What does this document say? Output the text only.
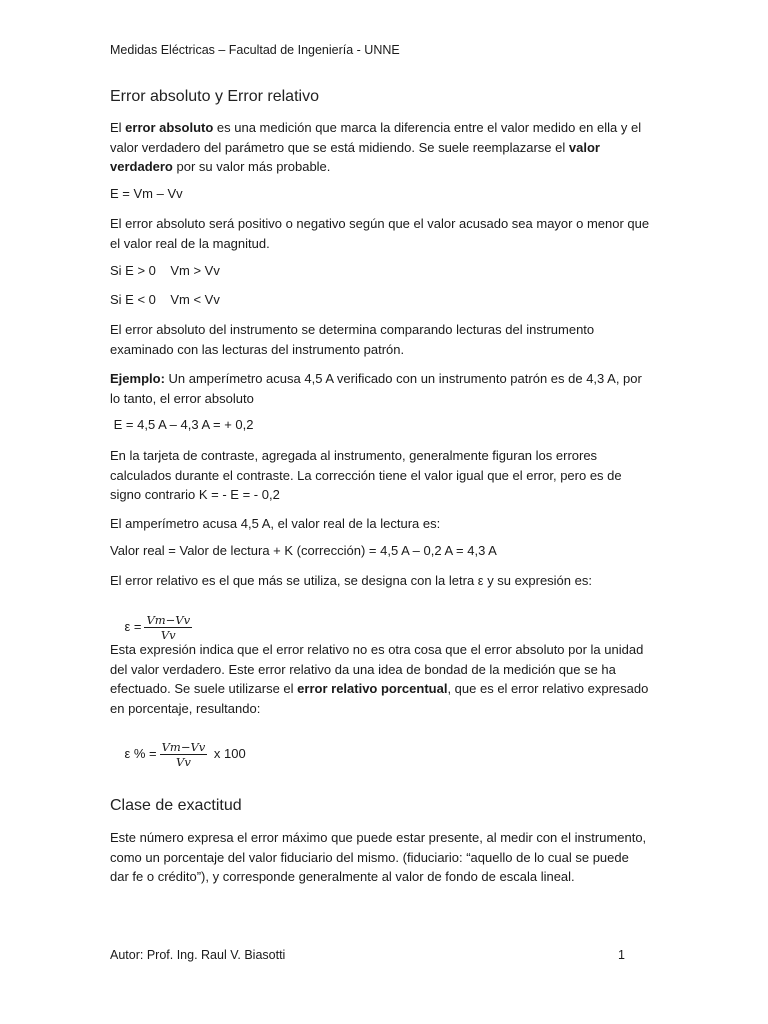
Medidas Eléctricas – Facultad de Ingeniería - UNNE
Error absoluto y Error relativo
El error absoluto es una medición que marca la diferencia entre el valor medido en ella y el valor verdadero del parámetro que se está midiendo. Se suele reemplazarse el valor verdadero por su valor más probable.
E = Vm – Vv
El error absoluto será positivo o negativo según que el valor acusado sea mayor o menor que el valor real de la magnitud.
Si E > 0    Vm > Vv
Si E < 0    Vm < Vv
El error absoluto del instrumento se determina comparando lecturas del instrumento examinado con las lecturas del instrumento patrón.
Ejemplo: Un amperímetro acusa 4,5 A verificado con un instrumento patrón es de 4,3 A, por lo tanto, el error absoluto
E = 4,5 A – 4,3 A = + 0,2
En la tarjeta de contraste, agregada al instrumento, generalmente figuran los errores calculados durante el contraste. La corrección tiene el valor igual que el error, pero es de signo contrario K = - E = - 0,2
El amperímetro acusa 4,5 A, el valor real de la lectura es:
Valor real = Valor de lectura + K (corrección) = 4,5 A – 0,2 A = 4,3 A
El error relativo es el que más se utiliza, se designa con la letra ε y su expresión es:

$\varepsilon = \frac{Vm-Vv}{Vv}$

Esta expresión indica que el error relativo no es otra cosa que el error absoluto por la unidad del valor verdadero. Este error relativo da una idea de bondad de la medición que se ha efectuado. Se suele utilizarse el error relativo porcentual, que es el error relativo expresado en porcentaje, resultando:

ε % = $\frac{Vm-Vv}{Vv}$ x 100

Clase de exactitud
Este número expresa el error máximo que puede estar presente, al medir con el instrumento, como un porcentaje del valor fiduciario del mismo. (fiduciario: “aquello de lo cual se puede dar fe o crédito”), y corresponde generalmente al valor de fondo de escala lineal.
Autor: Prof. Ing. Raul V. Biasotti	1
